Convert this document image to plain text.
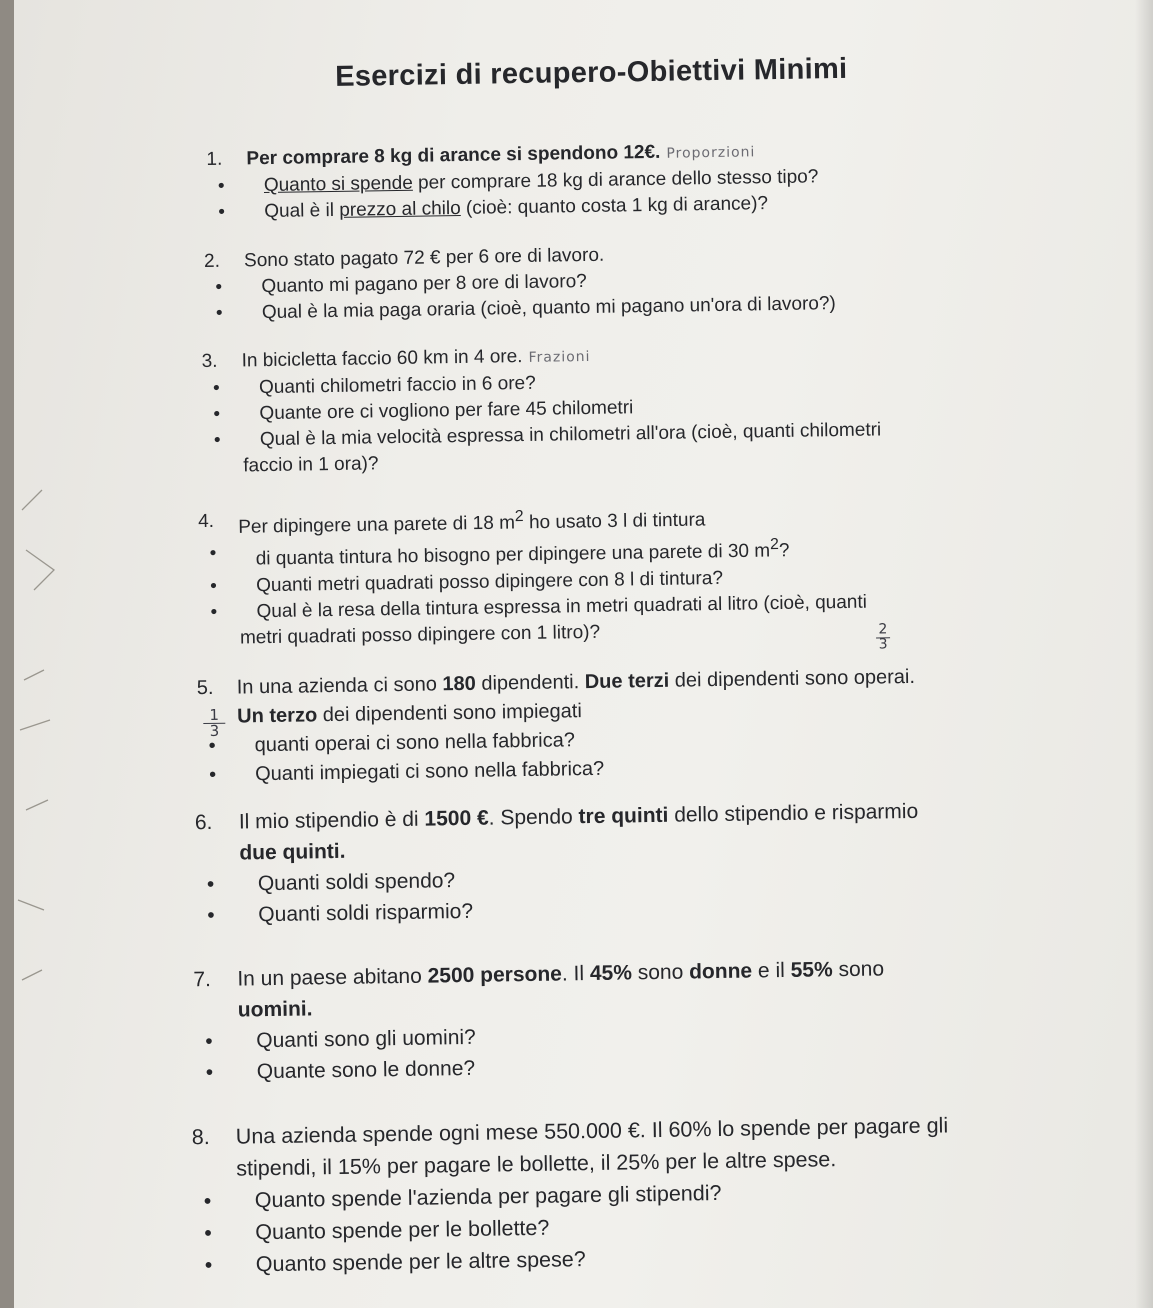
Esercizi di recupero-Obiettivi Minimi
1.	Per comprare 8 kg di arance si spendono 12€. Proporzioni
•	Quanto si spende per comprare 18 kg di arance dello stesso tipo?
•	Qual è il prezzo al chilo (cioè: quanto costa 1 kg di arance)?
2.	Sono stato pagato 72 € per 6 ore di lavoro.
•	Quanto mi pagano per 8 ore di lavoro?
•	Qual è la mia paga oraria (cioè, quanto mi pagano un'ora di lavoro?)
3.	In bicicletta faccio 60 km in 4 ore. Frazioni
•	Quanti chilometri faccio in 6 ore?
•	Quante ore ci vogliono per fare 45 chilometri
•	Qual è la mia velocità espressa in chilometri all'ora (cioè, quanti chilometri
faccio in 1 ora)?
4.	Per dipingere una parete di 18 $m^2$ ho usato 3 l di tintura
•	di quanta tintura ho bisogno per dipingere una parete di 30 $m^2$?
•	Quanti metri quadrati posso dipingere con 8 l di tintura?
•	Qual è la resa della tintura espressa in metri quadrati al litro (cioè, quanti
metri quadrati posso dipingere con 1 litro)?
5.	In una azienda ci sono 180 dipendenti. Due terzi dei dipendenti sono operai.
Un terzo dei dipendenti sono impiegati
•	quanti operai ci sono nella fabbrica?
•	Quanti impiegati ci sono nella fabbrica?
2
3
1
3
6.	Il mio stipendio è di 1500 €. Spendo tre quinti dello stipendio e risparmio
due quinti.
•	Quanti soldi spendo?
•	Quanti soldi risparmio?
7.	In un paese abitano 2500 persone. Il 45% sono donne e il 55% sono
uomini.
•	Quanti sono gli uomini?
•	Quante sono le donne?
8.	Una azienda spende ogni mese 550.000 €. Il 60% lo spende per pagare gli
stipendi, il 15% per pagare le bollette, il 25% per le altre spese.
•	Quanto spende l'azienda per pagare gli stipendi?
•	Quanto spende per le bollette?
•	Quanto spende per le altre spese?
